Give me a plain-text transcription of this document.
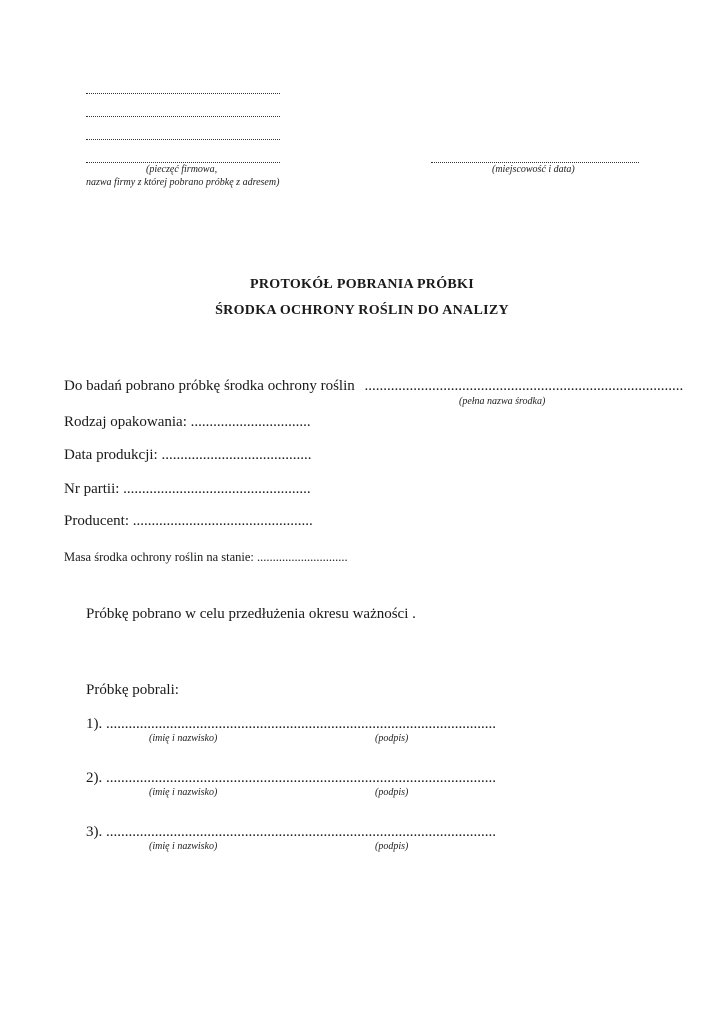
(pieczęć firmowa,
nazwa firmy z której pobrano próbkę z adresem)
(miejscowość i data)
PROTOKÓŁ POBRANIA PRÓBKI
ŚRODKA OCHRONY ROŚLIN DO ANALIZY
Do badań pobrano próbkę środka ochrony roślin .....................................................................................
(pełna nazwa środka)
Rodzaj opakowania: ................................
Data produkcji: ........................................
Nr partii: ..................................................
Producent: ................................................
Masa środka ochrony roślin na stanie: .............................
Próbkę pobrano w celu przedłużenia okresu ważności .
Próbkę pobrali:
1). ........................................................................................................
(imię i nazwisko)	(podpis)
2). ........................................................................................................
(imię i nazwisko)	(podpis)
3). ........................................................................................................
(imię i nazwisko)	(podpis)
